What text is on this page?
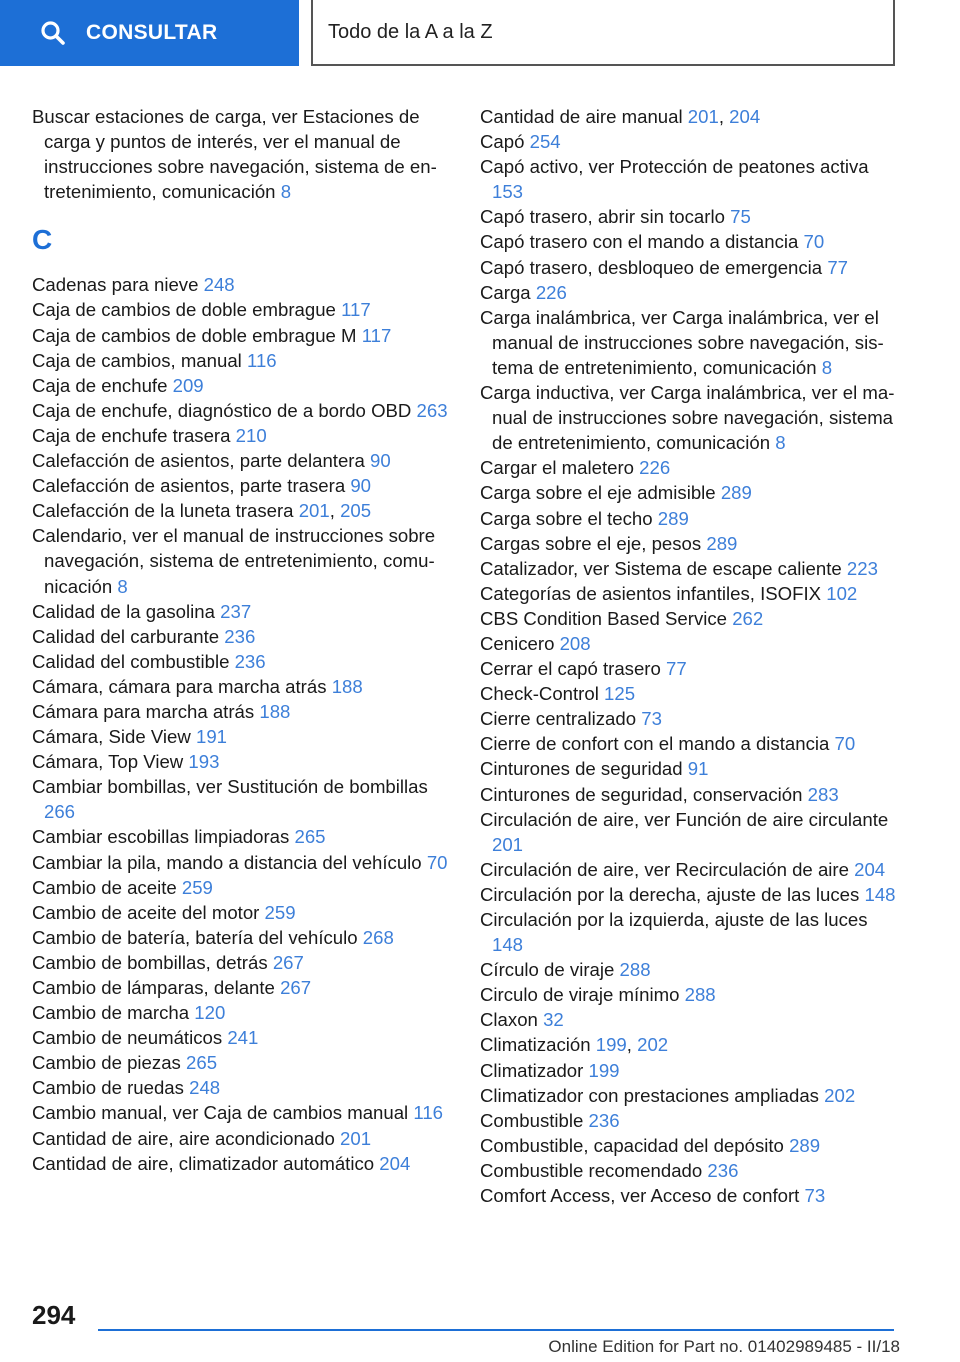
CONSULTAR	Todo de la A a la Z
Buscar estaciones de carga, ver Estaciones de carga y puntos de interés, ver el manual de instrucciones sobre navegación, sistema de entretenimiento, comunicación 8
C
Cadenas para nieve 248
Caja de cambios de doble embrague 117
Caja de cambios de doble embrague M 117
Caja de cambios, manual 116
Caja de enchufe 209
Caja de enchufe, diagnóstico de a bordo OBD 263
Caja de enchufe trasera 210
Calefacción de asientos, parte delantera 90
Calefacción de asientos, parte trasera 90
Calefacción de la luneta trasera 201, 205
Calendario, ver el manual de instrucciones sobre navegación, sistema de entretenimiento, comunicación 8
Calidad de la gasolina 237
Calidad del carburante 236
Calidad del combustible 236
Cámara, cámara para marcha atrás 188
Cámara para marcha atrás 188
Cámara, Side View 191
Cámara, Top View 193
Cambiar bombillas, ver Sustitución de bombillas 266
Cambiar escobillas limpiadoras 265
Cambiar la pila, mando a distancia del vehículo 70
Cambio de aceite 259
Cambio de aceite del motor 259
Cambio de batería, batería del vehículo 268
Cambio de bombillas, detrás 267
Cambio de lámparas, delante 267
Cambio de marcha 120
Cambio de neumáticos 241
Cambio de piezas 265
Cambio de ruedas 248
Cambio manual, ver Caja de cambios manual 116
Cantidad de aire, aire acondicionado 201
Cantidad de aire, climatizador automático 204
Cantidad de aire manual 201, 204
Capó 254
Capó activo, ver Protección de peatones activa 153
Capó trasero, abrir sin tocarlo 75
Capó trasero con el mando a distancia 70
Capó trasero, desbloqueo de emergencia 77
Carga 226
Carga inalámbrica, ver Carga inalámbrica, ver el manual de instrucciones sobre navegación, sistema de entretenimiento, comunicación 8
Carga inductiva, ver Carga inalámbrica, ver el manual de instrucciones sobre navegación, sistema de entretenimiento, comunicación 8
Cargar el maletero 226
Carga sobre el eje admisible 289
Carga sobre el techo 289
Cargas sobre el eje, pesos 289
Catalizador, ver Sistema de escape caliente 223
Categorías de asientos infantiles, ISOFIX 102
CBS Condition Based Service 262
Cenicero 208
Cerrar el capó trasero 77
Check-Control 125
Cierre centralizado 73
Cierre de confort con el mando a distancia 70
Cinturones de seguridad 91
Cinturones de seguridad, conservación 283
Circulación de aire, ver Función de aire circulante 201
Circulación de aire, ver Recirculación de aire 204
Circulación por la derecha, ajuste de las luces 148
Circulación por la izquierda, ajuste de las luces 148
Círculo de viraje 288
Circulo de viraje mínimo 288
Claxon 32
Climatización 199, 202
Climatizador 199
Climatizador con prestaciones ampliadas 202
Combustible 236
Combustible, capacidad del depósito 289
Combustible recomendado 236
Comfort Access, ver Acceso de confort 73
294
Online Edition for Part no. 01402989485 - II/18
